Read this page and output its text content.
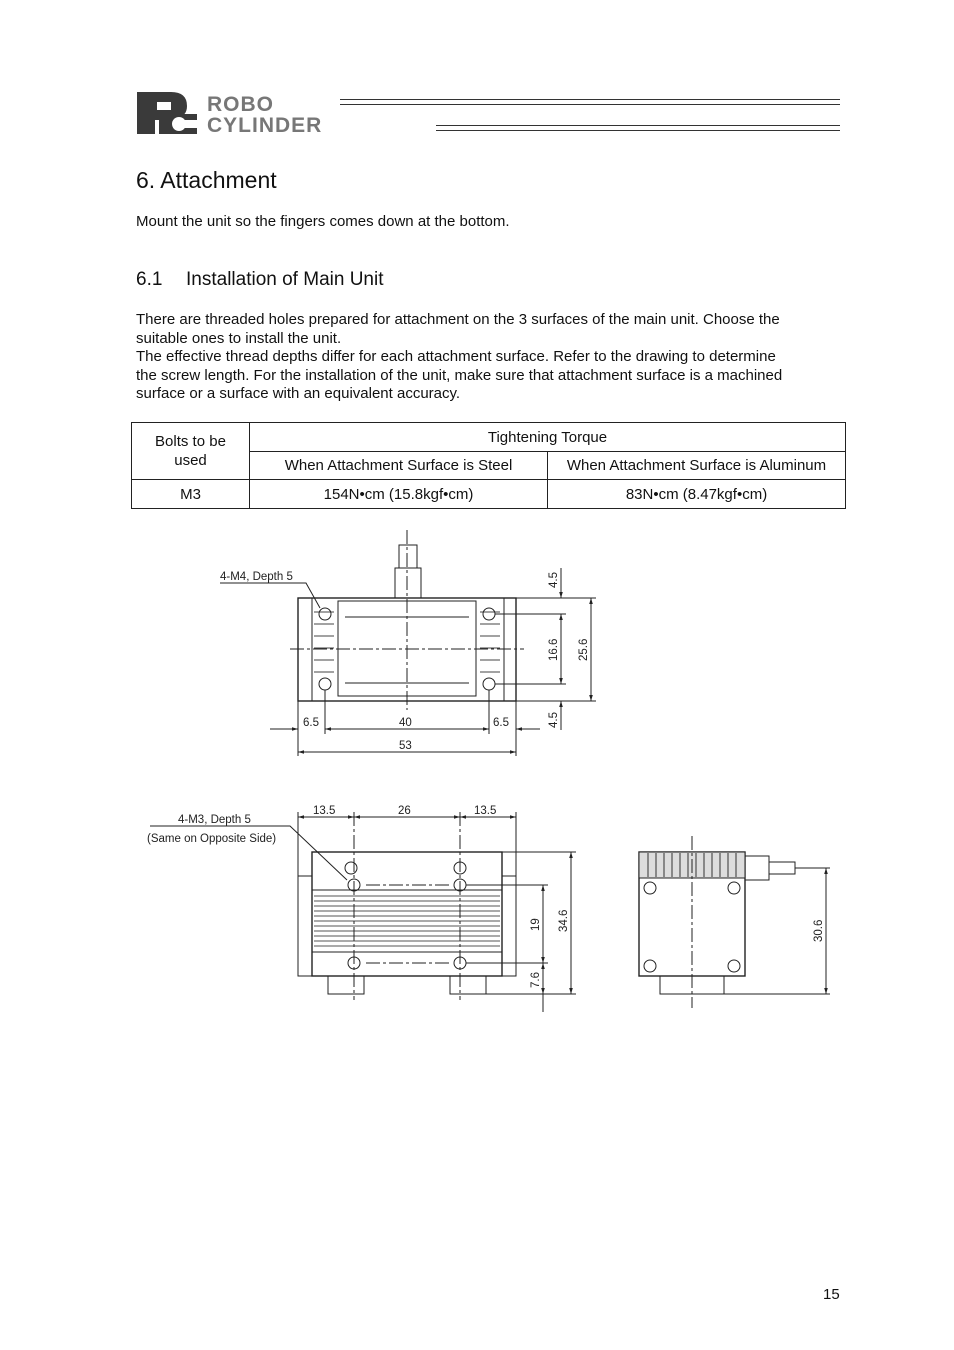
ROBO
CYLINDER
6. Attachment

Mount the unit so the fingers comes down at the bottom.

6.1 Installation of Main Unit

There are threaded holes prepared for attachment on the 3 surfaces of the main unit. Choose the

suitable ones to install the unit.

The effective thread depths differ for each attachment surface. Refer to the drawing to determine

the screw length. For the installation of the unit, make sure that attachment surface is a machined

surface or a surface with an equivalent accuracy.

Bolts to be
used	Tightening Torque	
	When Attachment Surface is Steel	When Attachment Surface is Aluminum
M3	154N•cm (15.8kgf•cm)	83N•cm (8.47kgf•cm)
4-M4, Depth 5
6.5	40	6.5
53
4.5
16.6
4.5
25.6
13.5	26	13.5
4-M3, Depth 5
(Same on Opposite Side)
19
7.6
34.6	30.6
15
